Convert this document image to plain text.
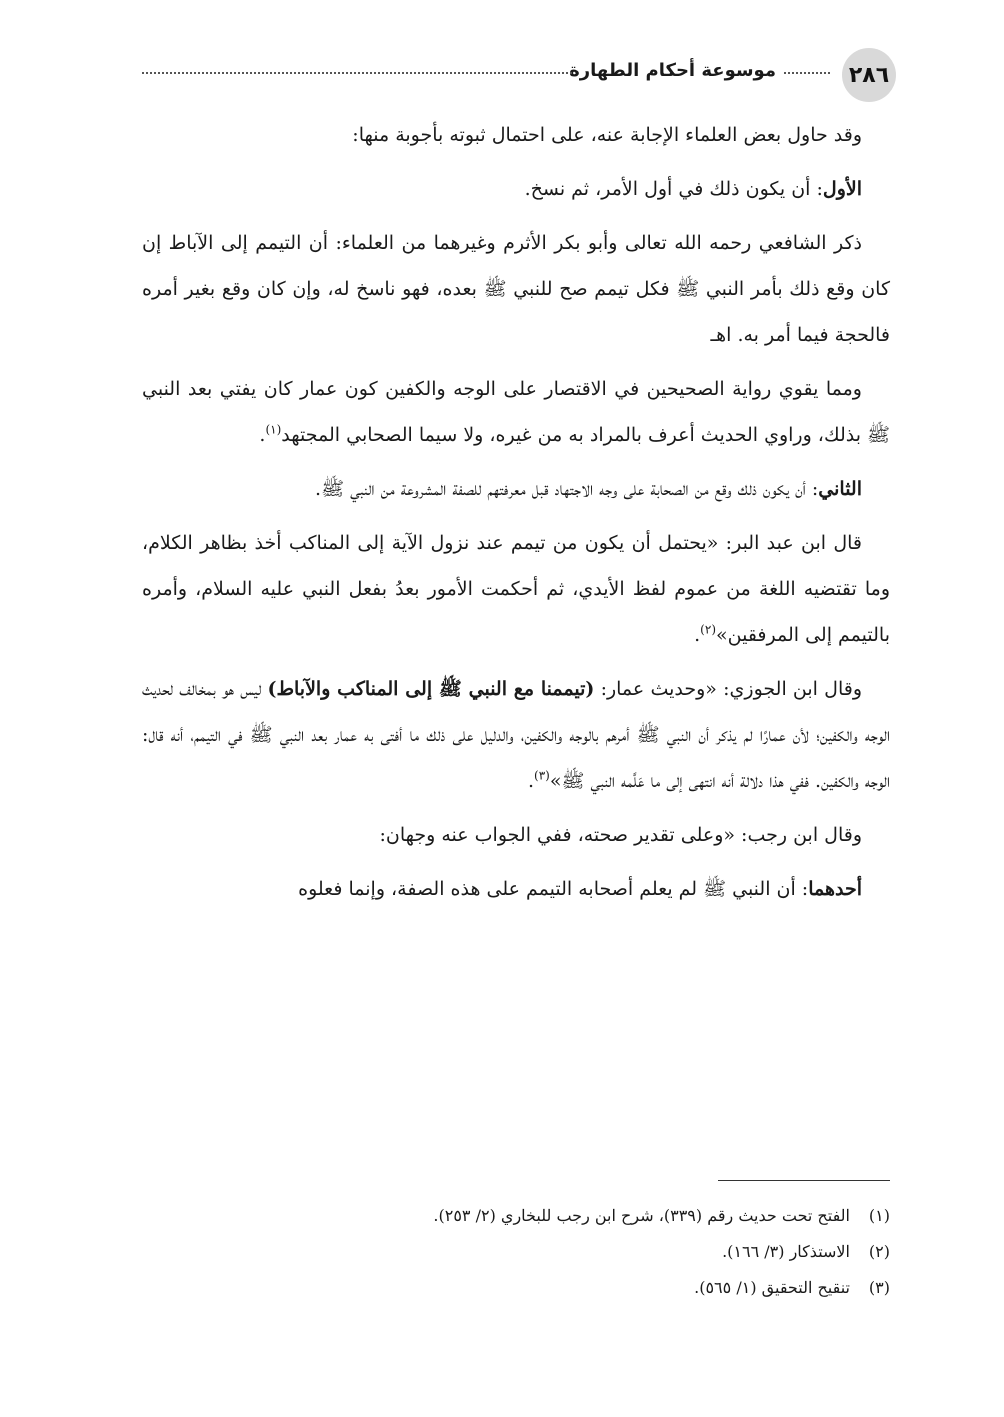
٢٨٦
موسوعة أحكام الطهارة

وقد حاول بعض العلماء الإجابة عنه، على احتمال ثبوته بأجوبة منها:

الأول: أن يكون ذلك في أول الأمر، ثم نسخ.

ذكر الشافعي رحمه الله تعالى وأبو بكر الأثرم وغيرهما من العلماء: أن التيمم إلى الآباط إن كان وقع ذلك بأمر النبي ﷺ فكل تيمم صح للنبي ﷺ بعده، فهو ناسخ له، وإن كان وقع بغير أمره فالحجة فيما أمر به. اهـ

ومما يقوي رواية الصحيحين في الاقتصار على الوجه والكفين كون عمار كان يفتي بعد النبي ﷺ بذلك، وراوي الحديث أعرف بالمراد به من غيره، ولا سيما الصحابي المجتهد$^{(١)}$.

الثاني: أن يكون ذلك وقع من الصحابة على وجه الاجتهاد قبل معرفتهم للصفة المشروعة من النبي ﷺ.

قال ابن عبد البر: «يحتمل أن يكون من تيمم عند نزول الآية إلى المناكب أخذ بظاهر الكلام، وما تقتضيه اللغة من عموم لفظ الأيدي، ثم أحكمت الأمور بعدُ بفعل النبي عليه السلام، وأمره بالتيمم إلى المرفقين»$^{(٢)}$.

وقال ابن الجوزي: «وحديث عمار: (تيممنا مع النبي ﷺ إلى المناكب والآباط) ليس هو بمخالف لحديث الوجه والكفين؛ لأن عمارًا لم يذكر أن النبي ﷺ أمرهم بالوجه والكفين، والدليل على ذلك ما أفتى به عمار بعد النبي ﷺ في التيمم، أنه قال: الوجه والكفين. ففي هذا دلالة أنه انتهى إلى ما عَلَّمه النبي ﷺ»$^{(٣)}$.

وقال ابن رجب: «وعلى تقدير صحته، ففي الجواب عنه وجهان:

أحدهما: أن النبي ﷺ لم يعلم أصحابه التيمم على هذه الصفة، وإنما فعلوه

(١)الفتح تحت حديث رقم (٣٣٩)، شرح ابن رجب للبخاري (٢/ ٢٥٣).
(٢)الاستذكار (٣/ ١٦٦).
(٣)تنقيح التحقيق (١/ ٥٦٥).
